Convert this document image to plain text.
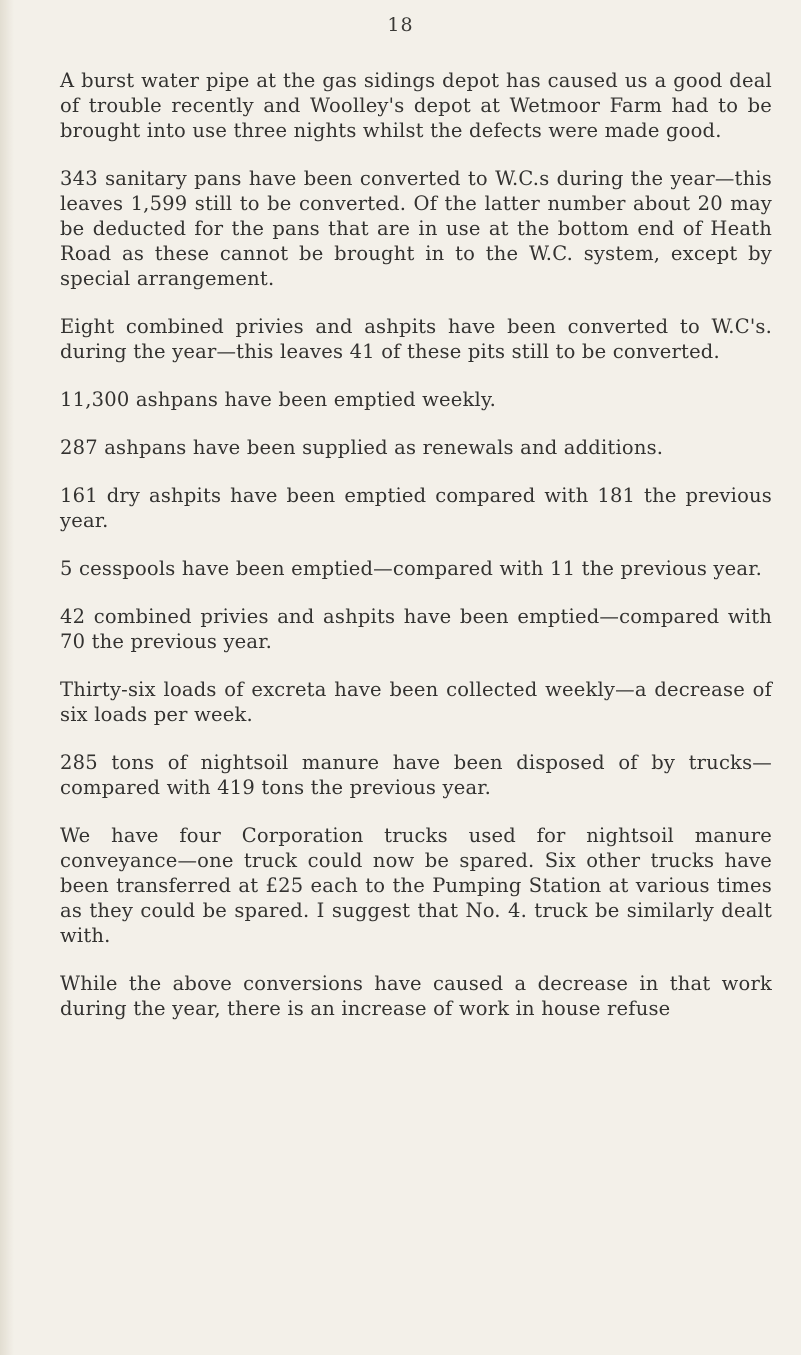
18

A burst water pipe at the gas sidings depot has caused us a good deal of trouble recently and Woolley's depot at Wetmoor Farm had to be brought into use three nights whilst the defects were made good.

343 sanitary pans have been converted to W.C.s during the year—this leaves 1,599 still to be converted. Of the latter number about 20 may be deducted for the pans that are in use at the bottom end of Heath Road as these cannot be brought in to the W.C. system, except by special arrangement.

Eight combined privies and ashpits have been converted to W.C's. during the year—this leaves 41 of these pits still to be converted.

11,300 ashpans have been emptied weekly.

287 ashpans have been supplied as renewals and additions.

161 dry ashpits have been emptied compared with 181 the previous year.

5 cesspools have been emptied—compared with 11 the previous year.

42 combined privies and ashpits have been emptied—compared with 70 the previous year.

Thirty-six loads of excreta have been collected weekly—a decrease of six loads per week.

285 tons of nightsoil manure have been disposed of by trucks—compared with 419 tons the previous year.

We have four Corporation trucks used for nightsoil manure conveyance—one truck could now be spared. Six other trucks have been transferred at £25 each to the Pumping Station at various times as they could be spared. I suggest that No. 4. truck be similarly dealt with.

While the above conversions have caused a decrease in that work during the year, there is an increase of work in house refuse
